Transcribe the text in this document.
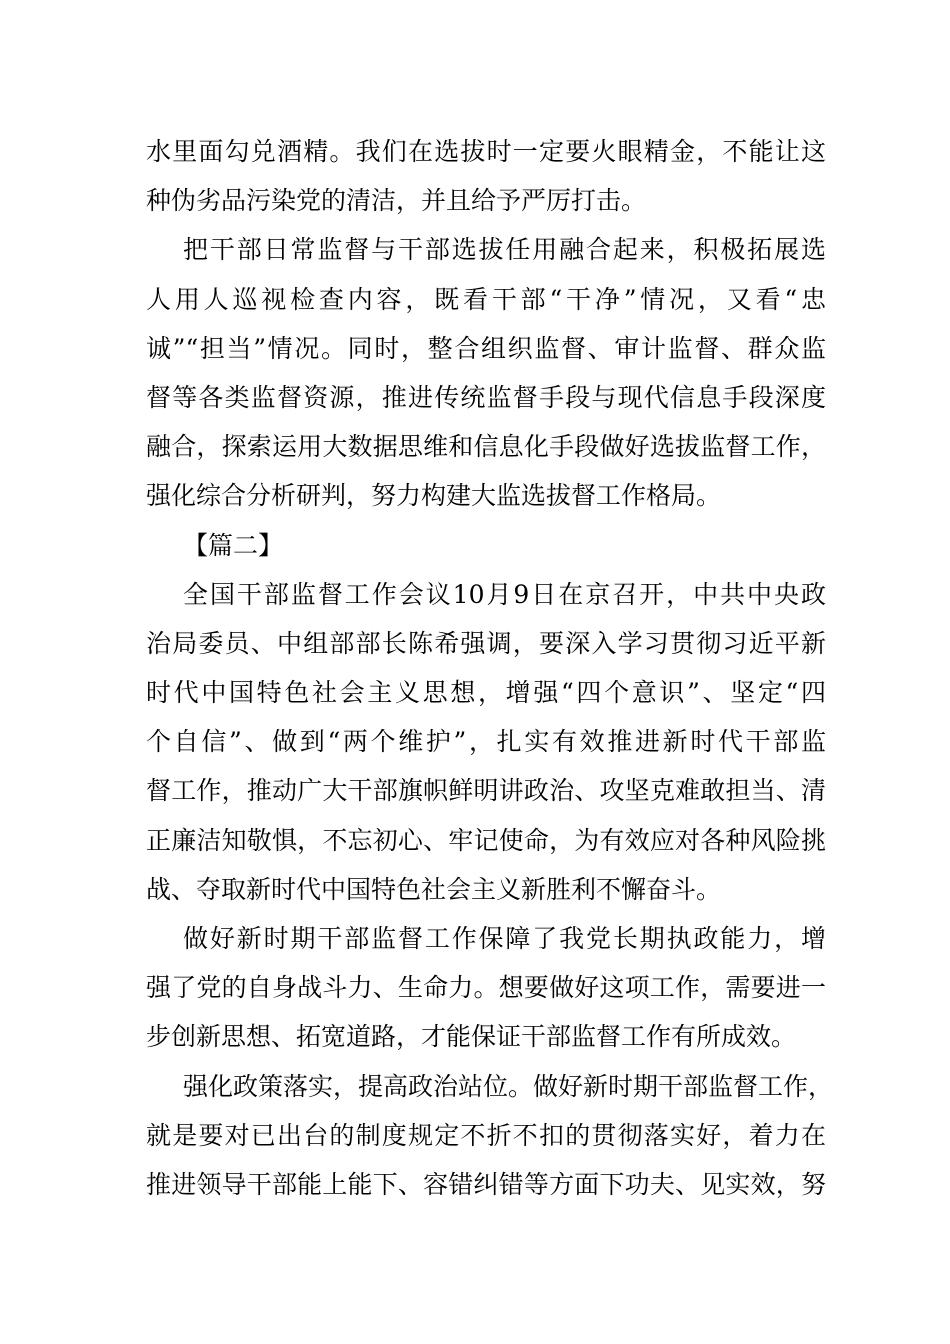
水里面勾兑酒精。我们在选拔时一定要火眼精金，不能让这
种伪劣品污染党的清洁，并且给予严厉打击。
把干部日常监督与干部选拔任用融合起来，积极拓展选
人用人巡视检查内容，既看干部“干净”情况，又看“忠
诚”“担当”情况。同时，整合组织监督、审计监督、群众监
督等各类监督资源，推进传统监督手段与现代信息手段深度
融合，探索运用大数据思维和信息化手段做好选拔监督工作，
强化综合分析研判，努力构建大监选拔督工作格局。
【篇二】
全国干部监督工作会议10月9日在京召开，中共中央政
治局委员、中组部部长陈希强调，要深入学习贯彻习近平新
时代中国特色社会主义思想，增强“四个意识”、坚定“四
个自信”、做到“两个维护”，扎实有效推进新时代干部监
督工作，推动广大干部旗帜鲜明讲政治、攻坚克难敢担当、清
正廉洁知敬惧，不忘初心、牢记使命，为有效应对各种风险挑
战、夺取新时代中国特色社会主义新胜利不懈奋斗。
做好新时期干部监督工作保障了我党长期执政能力，增
强了党的自身战斗力、生命力。想要做好这项工作，需要进一
步创新思想、拓宽道路，才能保证干部监督工作有所成效。
强化政策落实，提高政治站位。做好新时期干部监督工作，
就是要对已出台的制度规定不折不扣的贯彻落实好，着力在
推进领导干部能上能下、容错纠错等方面下功夫、见实效，努
